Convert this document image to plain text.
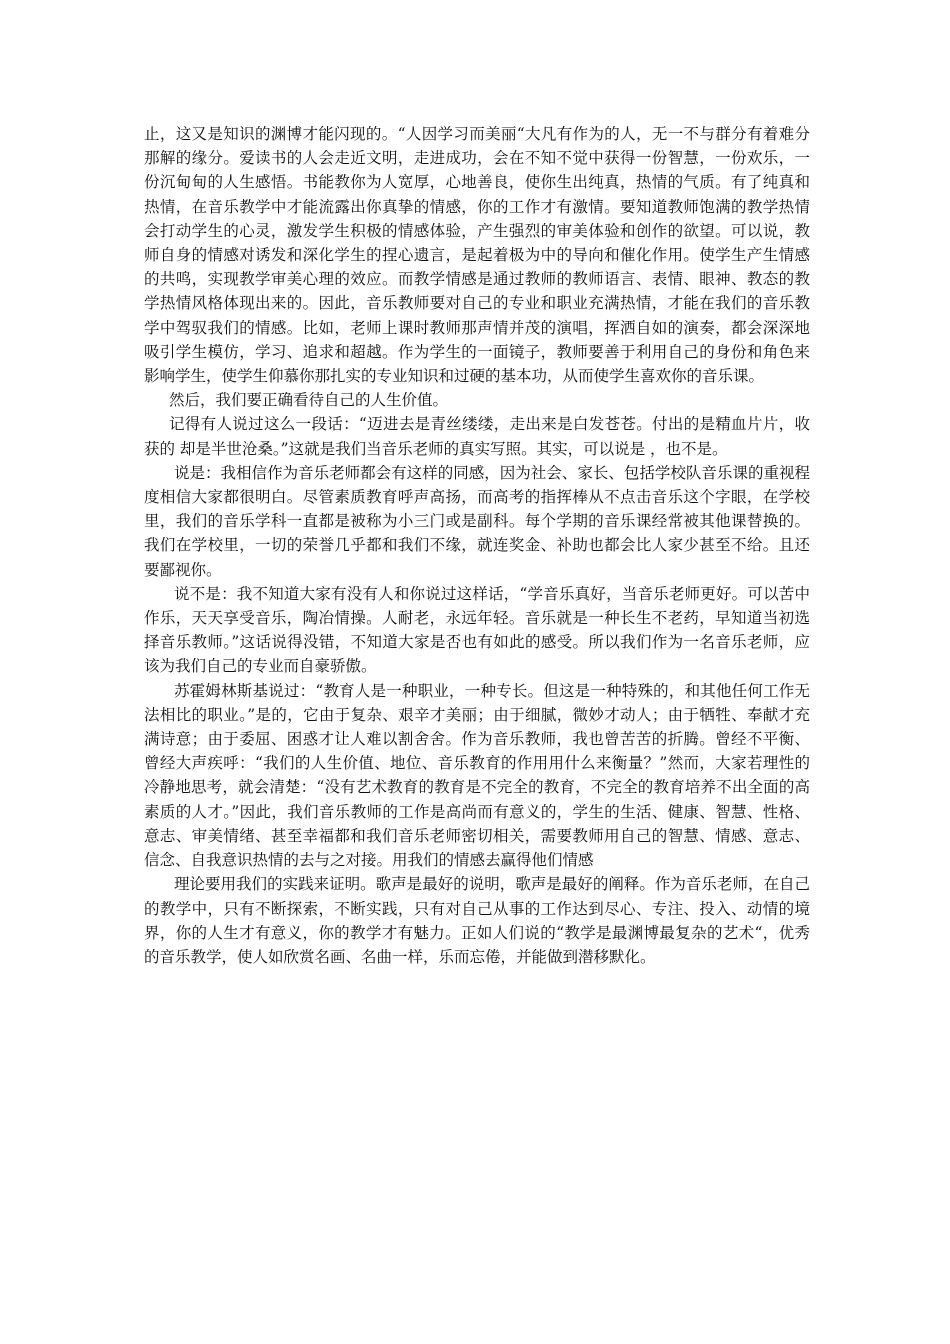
止，这又是知识的渊博才能闪现的。“人因学习而美丽“大凡有作为的人，无一不与群分有着难分那解的缘分。爱读书的人会走近文明，走进成功，会在不知不觉中获得一份智慧，一份欢乐，一份沉甸甸的人生感悟。书能教你为人宽厚，心地善良，使你生出纯真，热情的气质。有了纯真和热情，在音乐教学中才能流露出你真挚的情感，你的工作才有激情。要知道教师饱满的教学热情会打动学生的心灵，激发学生积极的情感体验，产生强烈的审美体验和创作的欲望。可以说，教师自身的情感对诱发和深化学生的捏心遗言，是起着极为中的导向和催化作用。使学生产生情感的共鸣，实现教学审美心理的效应。而教学情感是通过教师的教师语言、表情、眼神、教态的教学热情风格体现出来的。因此，音乐教师要对自己的专业和职业充满热情，才能在我们的音乐教学中驾驭我们的情感。比如，老师上课时教师那声情并茂的演唱，挥洒自如的演奏，都会深深地吸引学生模仿，学习、追求和超越。作为学生的一面镜子，教师要善于利用自己的身份和角色来影响学生，使学生仰慕你那扎实的专业知识和过硬的基本功，从而使学生喜欢你的音乐课。

然后，我们要正确看待自己的人生价值。

记得有人说过这么一段话：“迈进去是青丝缕缕，走出来是白发苍苍。付出的是精血片片，收获的 却是半世沧桑。”这就是我们当音乐老师的真实写照。其实，可以说是 ，也不是。

说是：我相信作为音乐老师都会有这样的同感，因为社会、家长、包括学校队音乐课的重视程度相信大家都很明白。尽管素质教育呼声高扬，而高考的指挥棒从不点击音乐这个字眼，在学校里，我们的音乐学科一直都是被称为小三门或是副科。每个学期的音乐课经常被其他课替换的。我们在学校里，一切的荣誉几乎都和我们不缘，就连奖金、补助也都会比人家少甚至不给。且还要鄙视你。

说不是：我不知道大家有没有人和你说过这样话，“学音乐真好，当音乐老师更好。可以苦中作乐，天天享受音乐，陶冶情操。人耐老，永远年轻。音乐就是一种长生不老药，早知道当初选择音乐教师。”这话说得没错，不知道大家是否也有如此的感受。所以我们作为一名音乐老师，应该为我们自己的专业而自豪骄傲。

苏霍姆林斯基说过：“教育人是一种职业，一种专长。但这是一种特殊的，和其他任何工作无法相比的职业。”是的，它由于复杂、艰辛才美丽；由于细腻，微妙才动人；由于牺牲、奉献才充满诗意；由于委屈、困惑才让人难以割舍舍。作为音乐教师，我也曾苦苦的折腾。曾经不平衡、曾经大声疾呼：“我们的人生价值、地位、音乐教育的作用用什么来衡量？”然而，大家若理性的冷静地思考，就会清楚：“没有艺术教育的教育是不完全的教育，不完全的教育培养不出全面的高素质的人才。”因此，我们音乐教师的工作是高尚而有意义的，学生的生活、健康、智慧、性格、意志、审美情绪、甚至幸福都和我们音乐老师密切相关，需要教师用自己的智慧、情感、意志、信念、自我意识热情的去与之对接。用我们的情感去赢得他们情感

理论要用我们的实践来证明。歌声是最好的说明，歌声是最好的阐释。作为音乐老师，在自己的教学中，只有不断探索，不断实践，只有对自己从事的工作达到尽心、专注、投入、动情的境界，你的人生才有意义，你的教学才有魅力。正如人们说的“教学是最渊博最复杂的艺术“，优秀的音乐教学，使人如欣赏名画、名曲一样，乐而忘倦，并能做到潜移默化。
